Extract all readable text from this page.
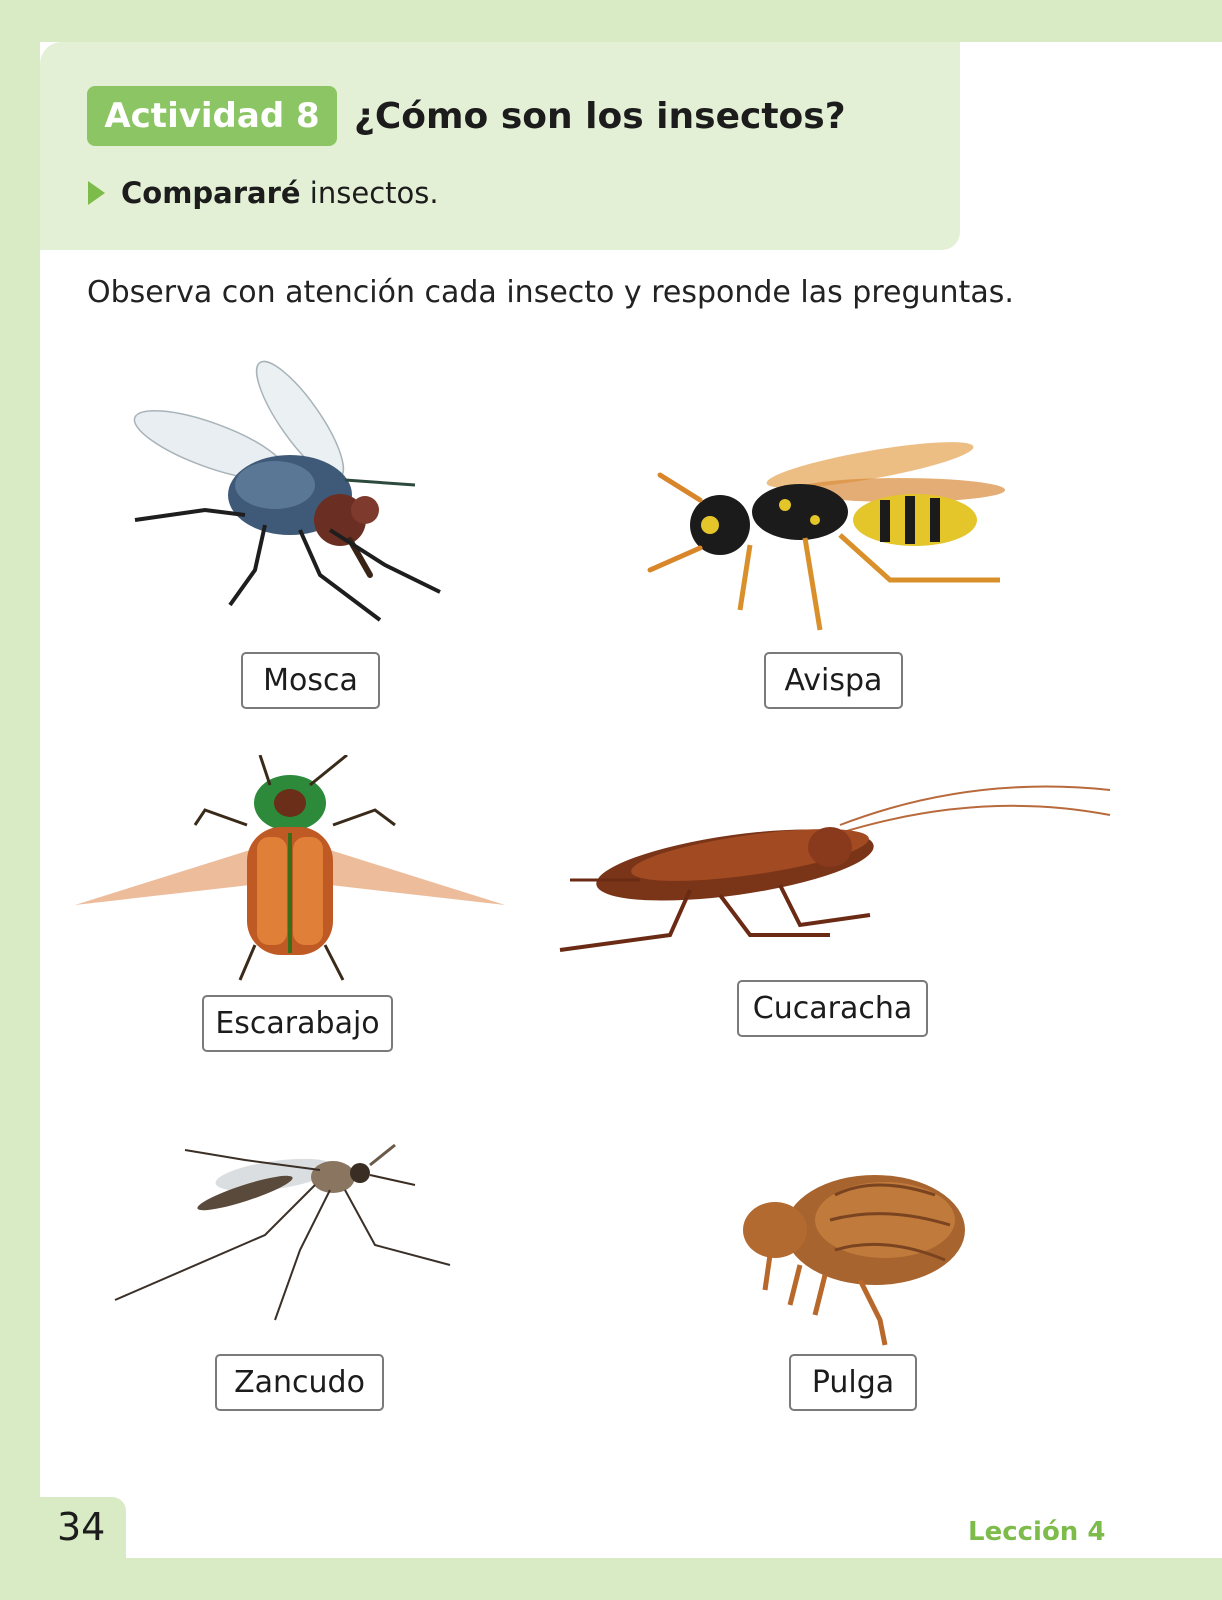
Actividad 8 ¿Cómo son los insectos?
Compararé insectos.
Observa con atención cada insecto y responde las preguntas.
Mosca	Avispa
Escarabajo	Cucaracha
Zancudo	Pulga
34	Lección 4
